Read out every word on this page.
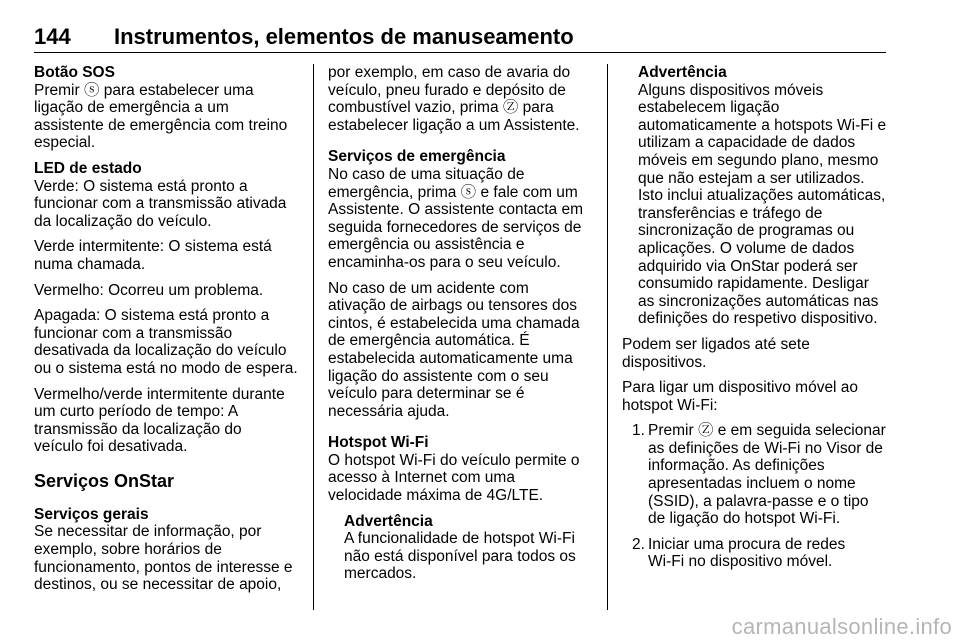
144 Instrumentos, elementos de manuseamento
Botão SOS
Premir ⓢ para estabelecer uma
ligação de emergência a um
assistente de emergência com treino
especial.
LED de estado
Verde: O sistema está pronto a
funcionar com a transmissão ativada
da localização do veículo.
Verde intermitente: O sistema está
numa chamada.
Vermelho: Ocorreu um problema.
Apagada: O sistema está pronto a
funcionar com a transmissão
desativada da localização do veículo
ou o sistema está no modo de espera.
Vermelho/verde intermitente durante
um curto período de tempo: A
transmissão da localização do
veículo foi desativada.
Serviços OnStar
Serviços gerais
Se necessitar de informação, por
exemplo, sobre horários de
funcionamento, pontos de interesse e
destinos, ou se necessitar de apoio,
por exemplo, em caso de avaria do
veículo, pneu furado e depósito de
combustível vazio, prima Ⓩ para
estabelecer ligação a um Assistente.
Serviços de emergência
No caso de uma situação de
emergência, prima ⓢ e fale com um
Assistente. O assistente contacta em
seguida fornecedores de serviços de
emergência ou assistência e
encaminha-os para o seu veículo.
No caso de um acidente com
ativação de airbags ou tensores dos
cintos, é estabelecida uma chamada
de emergência automática. É
estabelecida automaticamente uma
ligação do assistente com o seu
veículo para determinar se é
necessária ajuda.
Hotspot Wi-Fi
O hotspot Wi-Fi do veículo permite o
acesso à Internet com uma
velocidade máxima de 4G/LTE.
Advertência
A funcionalidade de hotspot Wi-Fi
não está disponível para todos os
mercados.
Advertência
Alguns dispositivos móveis
estabelecem ligação
automaticamente a hotspots Wi-Fi e
utilizam a capacidade de dados
móveis em segundo plano, mesmo
que não estejam a ser utilizados.
Isto inclui atualizações automáticas,
transferências e tráfego de
sincronização de programas ou
aplicações. O volume de dados
adquirido via OnStar poderá ser
consumido rapidamente. Desligar
as sincronizações automáticas nas
definições do respetivo dispositivo.
Podem ser ligados até sete
dispositivos.
Para ligar um dispositivo móvel ao
hotspot Wi-Fi:
1. Premir Ⓩ e em seguida selecionar
as definições de Wi-Fi no Visor de
informação. As definições
apresentadas incluem o nome
(SSID), a palavra-passe e o tipo
de ligação do hotspot Wi-Fi.
2. Iniciar uma procura de redes
Wi-Fi no dispositivo móvel.
carmanualsonline.info
